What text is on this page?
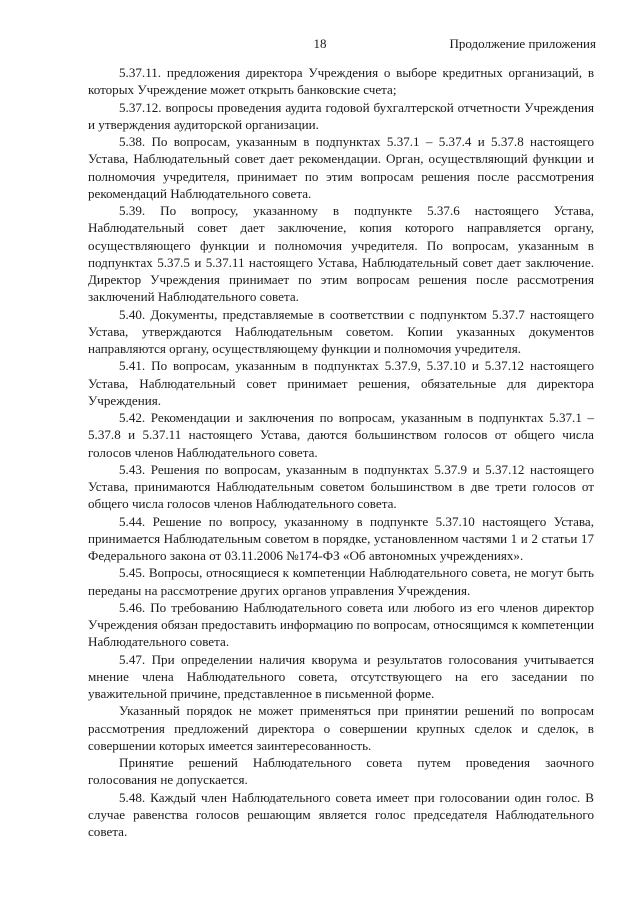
18	Продолжение приложения

5.37.11. предложения директора Учреждения о выборе кредитных организаций, в которых Учреждение может открыть банковские счета;

5.37.12. вопросы проведения аудита годовой бухгалтерской отчетности Учреждения и утверждения аудиторской организации.

5.38. По вопросам, указанным в подпунктах 5.37.1 – 5.37.4 и 5.37.8 настоящего Устава, Наблюдательный совет дает рекомендации. Орган, осуществляющий функции и полномочия учредителя, принимает по этим вопросам решения после рассмотрения рекомендаций Наблюдательного совета.

5.39. По вопросу, указанному в подпункте 5.37.6 настоящего Устава, Наблюдательный совет дает заключение, копия которого направляется органу, осуществляющего функции и полномочия учредителя. По вопросам, указанным в подпунктах 5.37.5 и 5.37.11 настоящего Устава, Наблюдательный совет дает заключение. Директор Учреждения принимает по этим вопросам решения после рассмотрения заключений Наблюдательного совета.

5.40. Документы, представляемые в соответствии с подпунктом 5.37.7 настоящего Устава, утверждаются Наблюдательным советом. Копии указанных документов направляются органу, осуществляющему функции и полномочия учредителя.

5.41. По вопросам, указанным в подпунктах 5.37.9, 5.37.10 и 5.37.12 настоящего Устава, Наблюдательный совет принимает решения, обязательные для директора Учреждения.

5.42. Рекомендации и заключения по вопросам, указанным в подпунктах 5.37.1 – 5.37.8 и 5.37.11 настоящего Устава, даются большинством голосов от общего числа голосов членов Наблюдательного совета.

5.43. Решения по вопросам, указанным в подпунктах 5.37.9 и 5.37.12 настоящего Устава, принимаются Наблюдательным советом большинством в две трети голосов от общего числа голосов членов Наблюдательного совета.

5.44. Решение по вопросу, указанному в подпункте 5.37.10 настоящего Устава, принимается Наблюдательным советом в порядке, установленном частями 1 и 2 статьи 17 Федерального закона от 03.11.2006 №174-ФЗ «Об автономных учреждениях».

5.45. Вопросы, относящиеся к компетенции Наблюдательного совета, не могут быть переданы на рассмотрение других органов управления Учреждения.

5.46. По требованию Наблюдательного совета или любого из его членов директор Учреждения обязан предоставить информацию по вопросам, относящимся к компетенции Наблюдательного совета.

5.47. При определении наличия кворума и результатов голосования учитывается мнение члена Наблюдательного совета, отсутствующего на его заседании по уважительной причине, представленное в письменной форме.

Указанный порядок не может применяться при принятии решений по вопросам рассмотрения предложений директора о совершении крупных сделок и сделок, в совершении которых имеется заинтересованность.

Принятие решений Наблюдательного совета путем проведения заочного голосования не допускается.

5.48. Каждый член Наблюдательного совета имеет при голосовании один голос. В случае равенства голосов решающим является голос председателя Наблюдательного совета.
